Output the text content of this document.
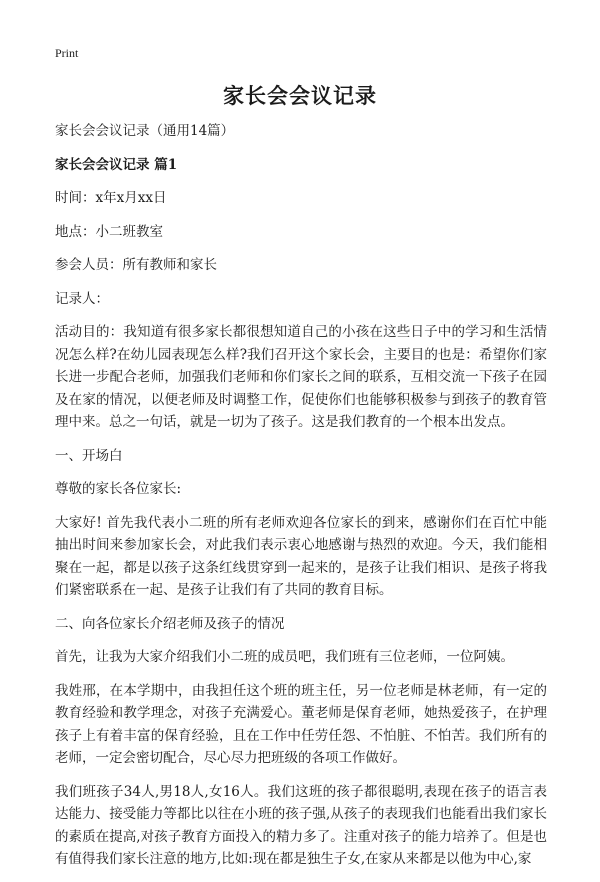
Print
家长会会议记录

家长会会议记录（通用14篇）

家长会会议记录 篇1

时间：x年x月xx日

地点：小二班教室

参会人员：所有教师和家长

记录人：

活动目的：我知道有很多家长都很想知道自己的小孩在这些日子中的学习和生活情况怎么样?在幼儿园表现怎么样?我们召开这个家长会，主要目的也是：希望你们家长进一步配合老师，加强我们老师和你们家长之间的联系，互相交流一下孩子在园及在家的情况，以便老师及时调整工作，促使你们也能够积极参与到孩子的教育管理中来。总之一句话，就是一切为了孩子。这是我们教育的一个根本出发点。

一、开场白

尊敬的家长各位家长:

大家好! 首先我代表小二班的所有老师欢迎各位家长的到来，感谢你们在百忙中能抽出时间来参加家长会，对此我们表示衷心地感谢与热烈的欢迎。今天，我们能相聚在一起，都是以孩子这条红线贯穿到一起来的，是孩子让我们相识、是孩子将我们紧密联系在一起、是孩子让我们有了共同的教育目标。

二、向各位家长介绍老师及孩子的情况

首先，让我为大家介绍我们小二班的成员吧，我们班有三位老师，一位阿姨。

我姓邢，在本学期中，由我担任这个班的班主任，另一位老师是林老师，有一定的教育经验和教学理念，对孩子充满爱心。董老师是保育老师，她热爱孩子，在护理孩子上有着丰富的保育经验，且在工作中任劳任怨、不怕脏、不怕苦。我们所有的老师，一定会密切配合，尽心尽力把班级的各项工作做好。

我们班孩子34人,男18人,女16人。我们这班的孩子都很聪明,表现在孩子的语言表达能力、接受能力等都比以往在小班的孩子强,从孩子的表现我们也能看出我们家长的素质在提高,对孩子教育方面投入的精力多了。注重对孩子的能力培养了。但是也有值得我们家长注意的地方,比如:现在都是独生子女,在家从来都是以他为中心,家
